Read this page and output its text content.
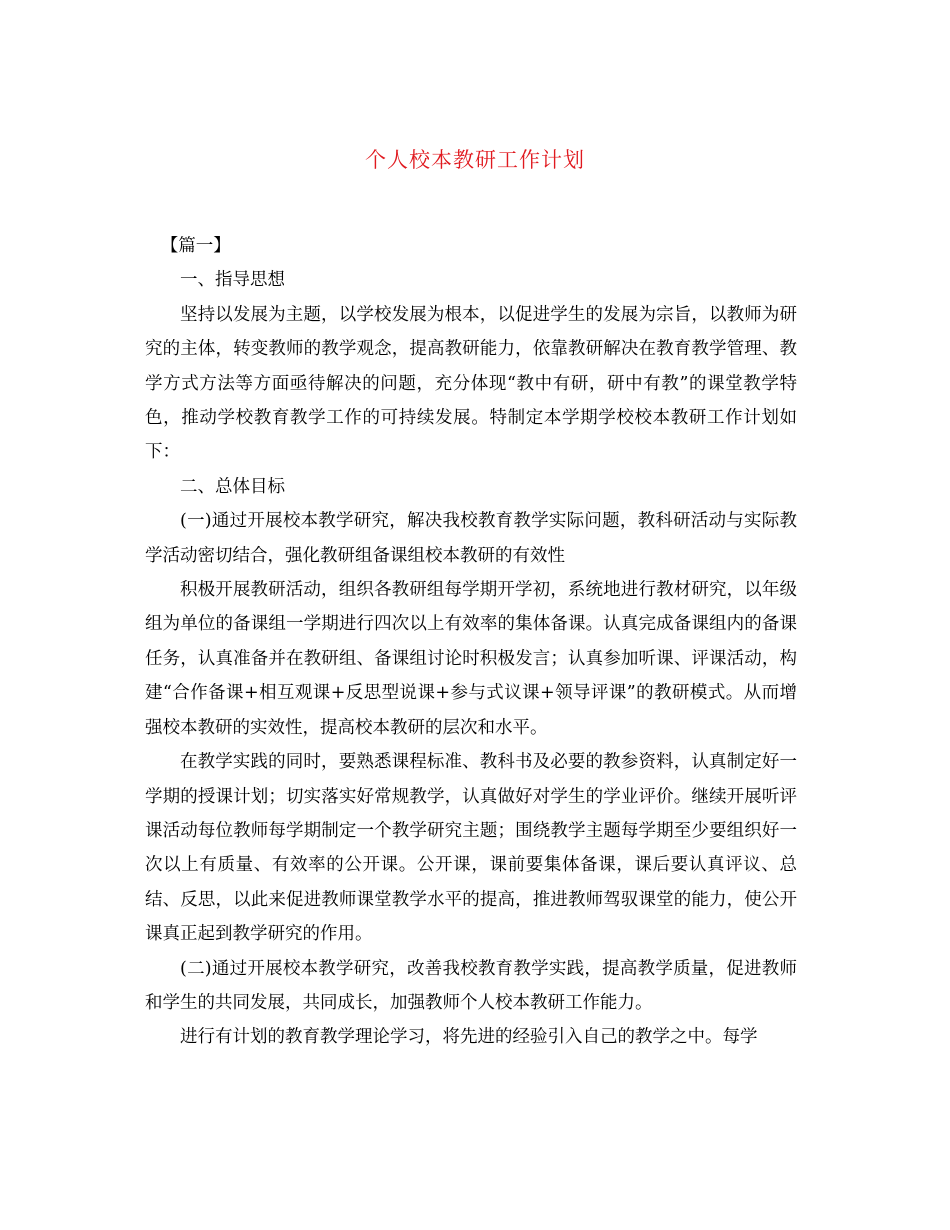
个人校本教研工作计划

【篇一】

一、指导思想

坚持以发展为主题，以学校发展为根本，以促进学生的发展为宗旨，以教师为研究的主体，转变教师的教学观念，提高教研能力，依靠教研解决在教育教学管理、教学方式方法等方面亟待解决的问题，充分体现“教中有研，研中有教”的课堂教学特色，推动学校教育教学工作的可持续发展。特制定本学期学校校本教研工作计划如下：

二、总体目标

(一)通过开展校本教学研究，解决我校教育教学实际问题，教科研活动与实际教学活动密切结合，强化教研组备课组校本教研的有效性

积极开展教研活动，组织各教研组每学期开学初，系统地进行教材研究，以年级组为单位的备课组一学期进行四次以上有效率的集体备课。认真完成备课组内的备课任务，认真准备并在教研组、备课组讨论时积极发言；认真参加听课、评课活动，构建“合作备课+相互观课+反思型说课+参与式议课+领导评课”的教研模式。从而增强校本教研的实效性，提高校本教研的层次和水平。

在教学实践的同时，要熟悉课程标准、教科书及必要的教参资料，认真制定好一学期的授课计划；切实落实好常规教学，认真做好对学生的学业评价。继续开展听评课活动每位教师每学期制定一个教学研究主题；围绕教学主题每学期至少要组织好一次以上有质量、有效率的公开课。公开课，课前要集体备课，课后要认真评议、总结、反思，以此来促进教师课堂教学水平的提高，推进教师驾驭课堂的能力，使公开课真正起到教学研究的作用。

(二)通过开展校本教学研究，改善我校教育教学实践，提高教学质量，促进教师和学生的共同发展，共同成长，加强教师个人校本教研工作能力。

进行有计划的教育教学理论学习，将先进的经验引入自己的教学之中。每学
